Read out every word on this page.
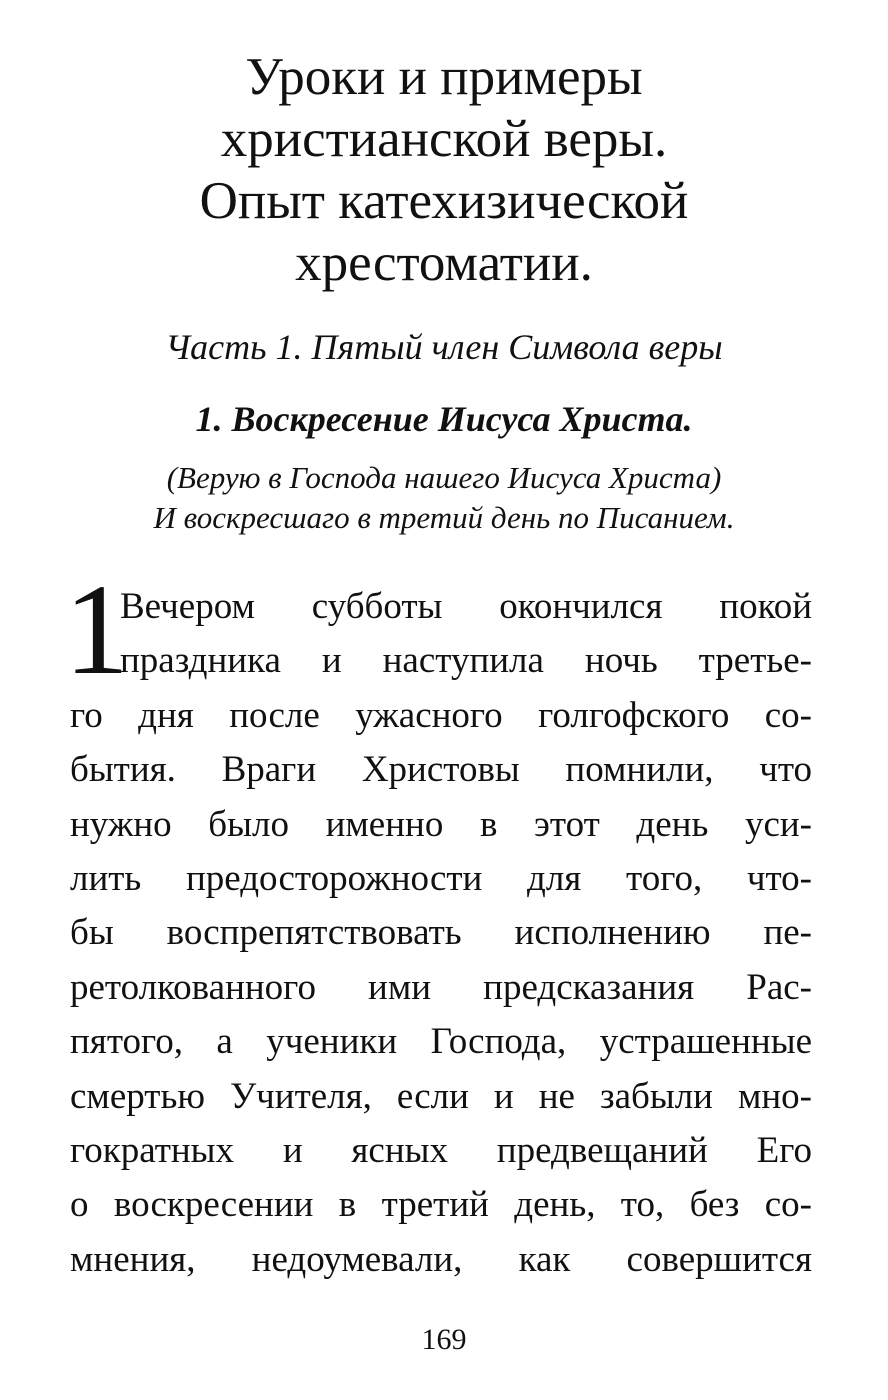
Уроки и примеры
христианской веры.
Опыт катехизической
хрестоматии.
Часть 1. Пятый член Символа веры
1. Воскресение Иисуса Христа.
(Верую в Господа нашего Иисуса Христа)
И воскресшаго в третий день по Писанием.
1
Вечером субботы окончился покой
праздника и наступила ночь третье-
го дня после ужасного голгофского со-
бытия. Враги Христовы помнили, что
нужно было именно в этот день уси-
лить предосторожности для того, что-
бы воспрепятствовать исполнению пе-
ретолкованного ими предсказания Рас-
пятого, а ученики Господа, устрашенные
смертью Учителя, если и не забыли мно-
гократных и ясных предвещаний Его
о воскресении в третий день, то, без со-
мнения, недоумевали, как совершится
169
